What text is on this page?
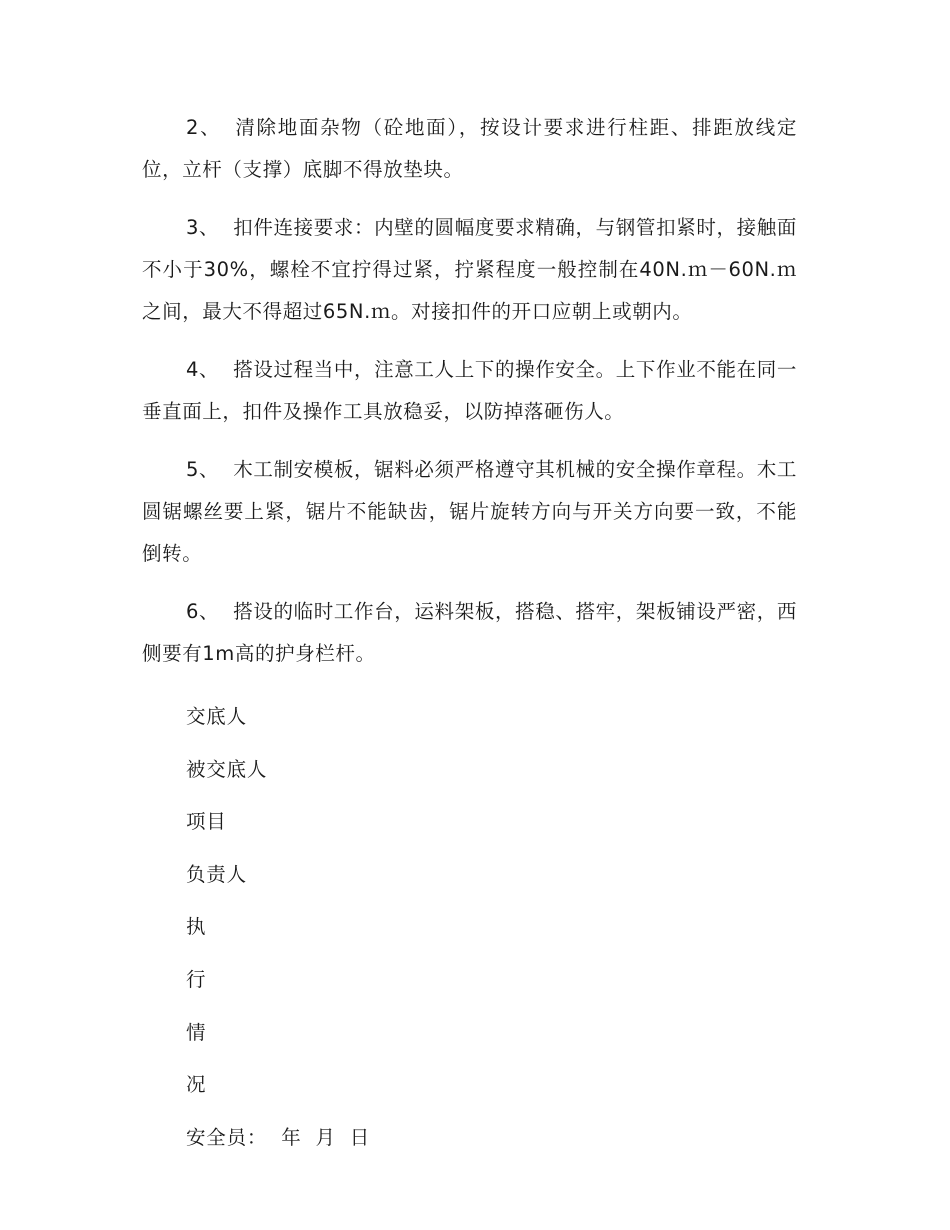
2、 清除地面杂物（砼地面），按设计要求进行柱距、排距放线定位，立杆（支撑）底脚不得放垫块。

3、 扣件连接要求：内壁的圆幅度要求精确，与钢管扣紧时，接触面不小于30%，螺栓不宜拧得过紧，拧紧程度一般控制在40N.ｍ－60N.ｍ之间，最大不得超过65N.ｍ。对接扣件的开口应朝上或朝内。

4、 搭设过程当中，注意工人上下的操作安全。上下作业不能在同一垂直面上，扣件及操作工具放稳妥，以防掉落砸伤人。

5、 木工制安模板，锯料必须严格遵守其机械的安全操作章程。木工圆锯螺丝要上紧，锯片不能缺齿，锯片旋转方向与开关方向要一致，不能倒转。

6、 搭设的临时工作台，运料架板，搭稳、搭牢，架板铺设严密，西侧要有1m高的护身栏杆。

交底人

被交底人

项目

负责人

执

行

情

况

安全员：  年  月  日
